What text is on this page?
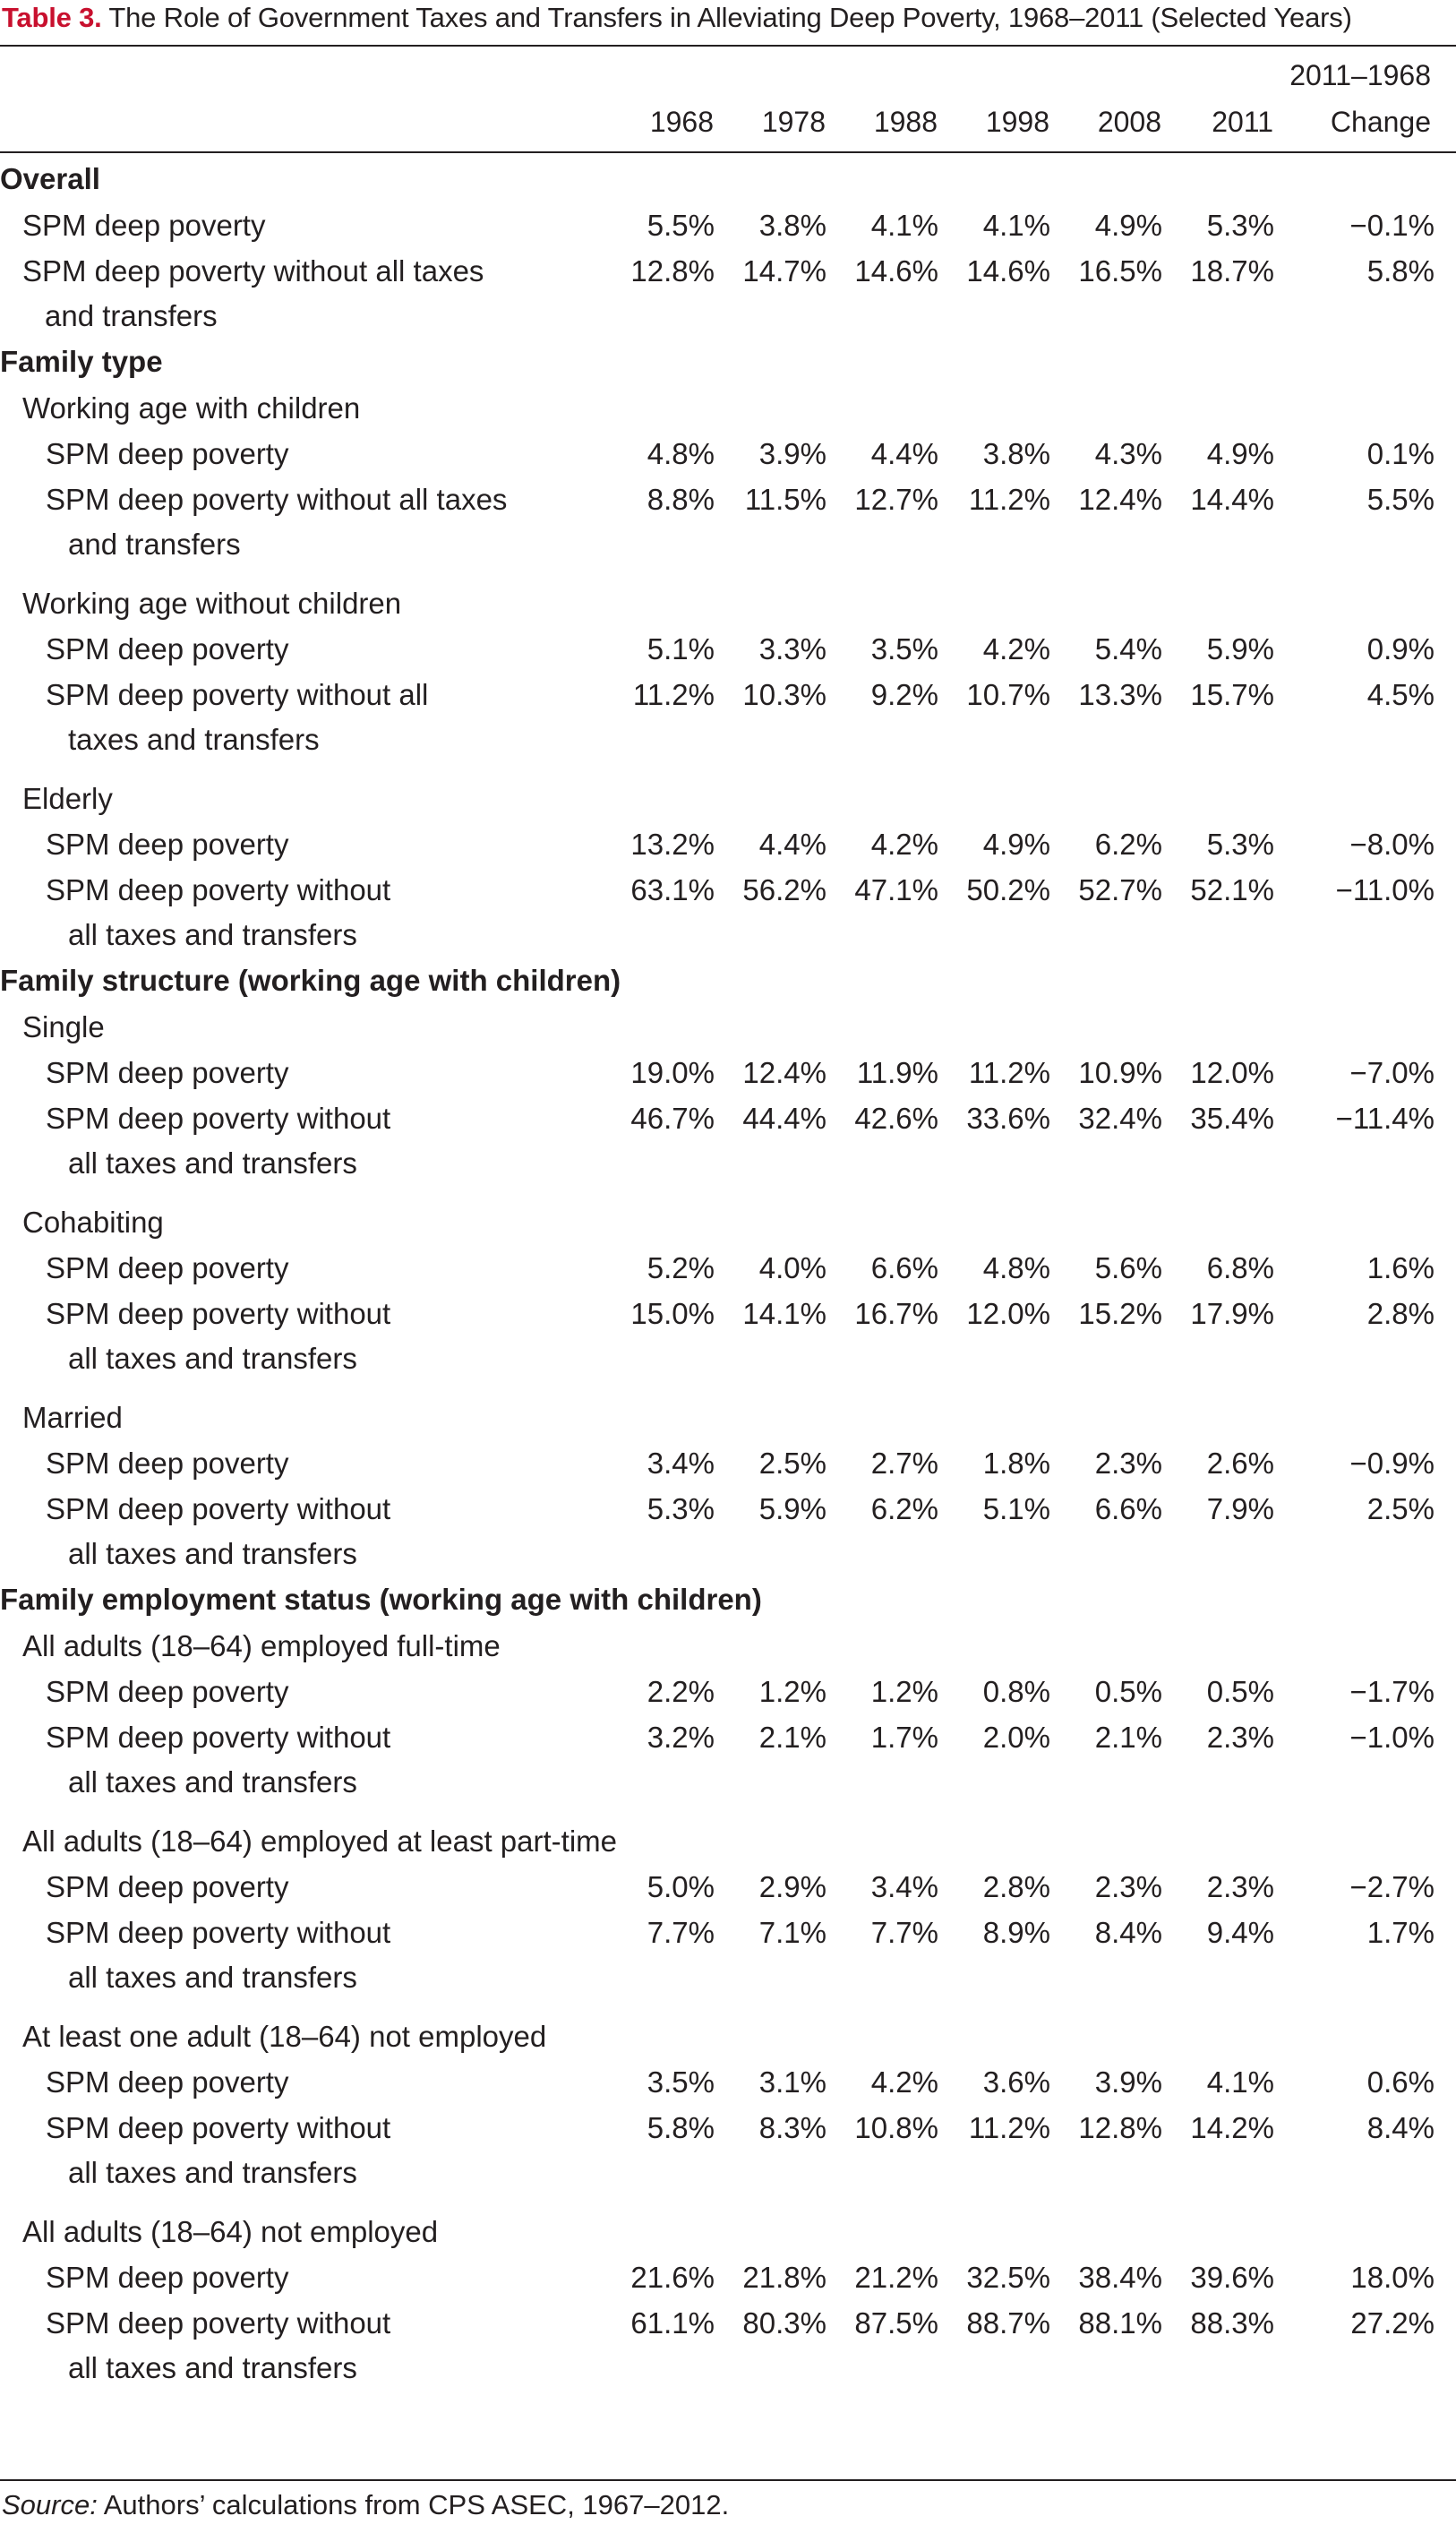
Table 3. The Role of Government Taxes and Transfers in Alleviating Deep Poverty, 1968–2011 (Selected Years)
2011–1968
Change
1968	1978	1988	1998	2008	2011
Overall								

SPM deep poverty	5.5%	3.8%	4.1%	4.1%	4.9%	5.3%	−0.1%	

SPM deep poverty without all taxes
and transfers	12.8%	14.7%	14.6%	14.6%	16.5%	18.7%	5.8%	
Family type								
Working age with children								

SPM deep poverty	4.8%	3.9%	4.4%	3.8%	4.3%	4.9%	0.1%	

SPM deep poverty without all taxes
and transfers	8.8%	11.5%	12.7%	11.2%	12.4%	14.4%	5.5%	

Working age without children								

SPM deep poverty	5.1%	3.3%	3.5%	4.2%	5.4%	5.9%	0.9%	

SPM deep poverty without all
taxes and transfers	11.2%	10.3%	9.2%	10.7%	13.3%	15.7%	4.5%	

Elderly								

SPM deep poverty	13.2%	4.4%	4.2%	4.9%	6.2%	5.3%	−8.0%	

SPM deep poverty without
all taxes and transfers	63.1%	56.2%	47.1%	50.2%	52.7%	52.1%	−11.0%	
Family structure (working age with children)								
Single								

SPM deep poverty	19.0%	12.4%	11.9%	11.2%	10.9%	12.0%	−7.0%	

SPM deep poverty without
all taxes and transfers	46.7%	44.4%	42.6%	33.6%	32.4%	35.4%	−11.4%	

Cohabiting								

SPM deep poverty	5.2%	4.0%	6.6%	4.8%	5.6%	6.8%	1.6%	

SPM deep poverty without
all taxes and transfers	15.0%	14.1%	16.7%	12.0%	15.2%	17.9%	2.8%	

Married								

SPM deep poverty	3.4%	2.5%	2.7%	1.8%	2.3%	2.6%	−0.9%	

SPM deep poverty without
all taxes and transfers	5.3%	5.9%	6.2%	5.1%	6.6%	7.9%	2.5%	
Family employment status (working age with children)								
All adults (18–64) employed full-time								

SPM deep poverty	2.2%	1.2%	1.2%	0.8%	0.5%	0.5%	−1.7%	

SPM deep poverty without
all taxes and transfers	3.2%	2.1%	1.7%	2.0%	2.1%	2.3%	−1.0%	

All adults (18–64) employed at least part-time								

SPM deep poverty	5.0%	2.9%	3.4%	2.8%	2.3%	2.3%	−2.7%	

SPM deep poverty without
all taxes and transfers	7.7%	7.1%	7.7%	8.9%	8.4%	9.4%	1.7%	

At least one adult (18–64) not employed								

SPM deep poverty	3.5%	3.1%	4.2%	3.6%	3.9%	4.1%	0.6%	

SPM deep poverty without
all taxes and transfers	5.8%	8.3%	10.8%	11.2%	12.8%	14.2%	8.4%	

All adults (18–64) not employed								

SPM deep poverty	21.6%	21.8%	21.2%	32.5%	38.4%	39.6%	18.0%	

SPM deep poverty without
all taxes and transfers	61.1%	80.3%	87.5%	88.7%	88.1%	88.3%	27.2%	
Source: Authors’ calculations from CPS ASEC, 1967–2012.
